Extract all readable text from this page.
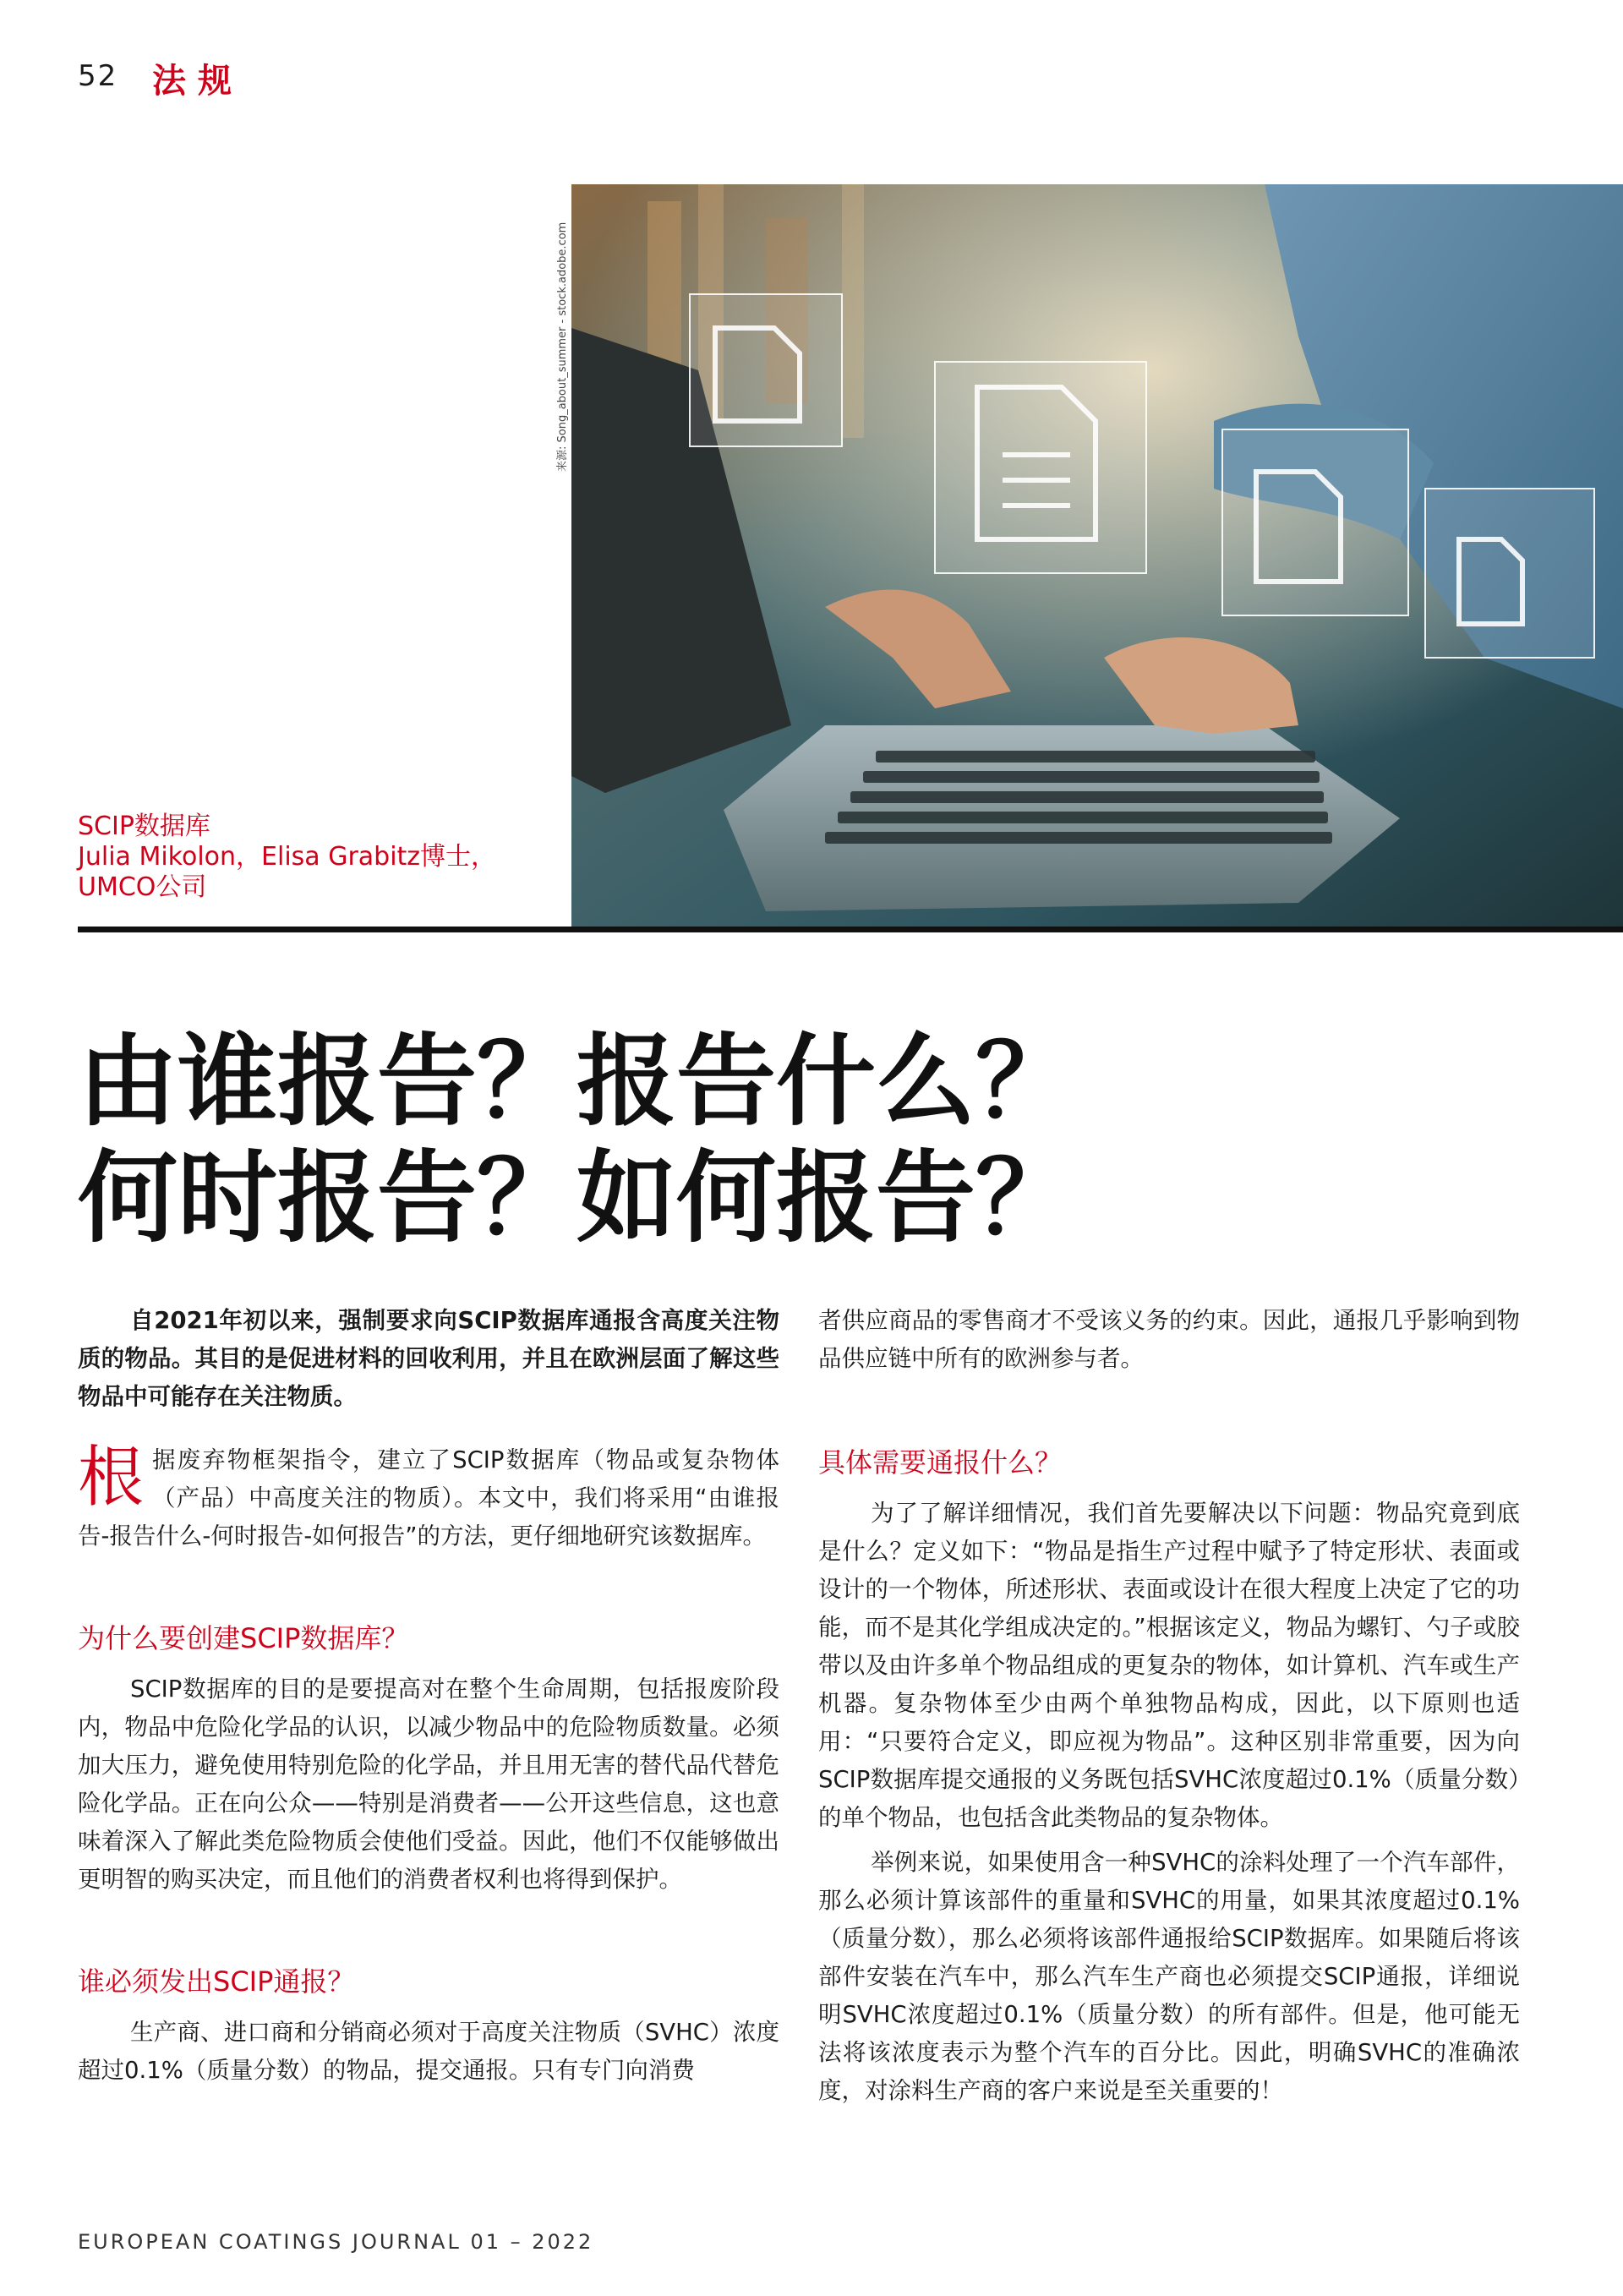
52 法规
来源: Song_about_summer - stock.adobe.com
SCIP数据库
Julia Mikolon，Elisa Grabitz博士，
UMCO公司
由谁报告？报告什么？
何时报告？如何报告？

自2021年初以来，强制要求向SCIP数据库通报含高度关注物质的物品。其目的是促进材料的回收利用，并且在欧洲层面了解这些物品中可能存在关注物质。

根据废弃物框架指令，建立了SCIP数据库（物品或复杂物体（产品）中高度关注的物质）。本文中，我们将采用“由谁报告-报告什么-何时报告-如何报告”的方法，更仔细地研究该数据库。

为什么要创建SCIP数据库？

SCIP数据库的目的是要提高对在整个生命周期，包括报废阶段内，物品中危险化学品的认识，以减少物品中的危险物质数量。必须加大压力，避免使用特别危险的化学品，并且用无害的替代品代替危险化学品。正在向公众——特别是消费者——公开这些信息，这也意味着深入了解此类危险物质会使他们受益。因此，他们不仅能够做出更明智的购买决定，而且他们的消费者权利也将得到保护。

谁必须发出SCIP通报？

生产商、进口商和分销商必须对于高度关注物质（SVHC）浓度超过0.1%（质量分数）的物品，提交通报。只有专门向消费

者供应商品的零售商才不受该义务的约束。因此，通报几乎影响到物品供应链中所有的欧洲参与者。

具体需要通报什么？

为了了解详细情况，我们首先要解决以下问题：物品究竟到底是什么？定义如下：“物品是指生产过程中赋予了特定形状、表面或设计的一个物体，所述形状、表面或设计在很大程度上决定了它的功能，而不是其化学组成决定的。”根据该定义，物品为螺钉、勺子或胶带以及由许多单个物品组成的更复杂的物体，如计算机、汽车或生产机器。复杂物体至少由两个单独物品构成，因此，以下原则也适用：“只要符合定义，即应视为物品”。这种区别非常重要，因为向SCIP数据库提交通报的义务既包括SVHC浓度超过0.1%（质量分数）的单个物品，也包括含此类物品的复杂物体。

举例来说，如果使用含一种SVHC的涂料处理了一个汽车部件，那么必须计算该部件的重量和SVHC的用量，如果其浓度超过0.1%（质量分数），那么必须将该部件通报给SCIP数据库。如果随后将该部件安装在汽车中，那么汽车生产商也必须提交SCIP通报，详细说明SVHC浓度超过0.1%（质量分数）的所有部件。但是，他可能无法将该浓度表示为整个汽车的百分比。因此，明确SVHC的准确浓度，对涂料生产商的客户来说是至关重要的！

EUROPEAN COATINGS JOURNAL 01 – 2022
